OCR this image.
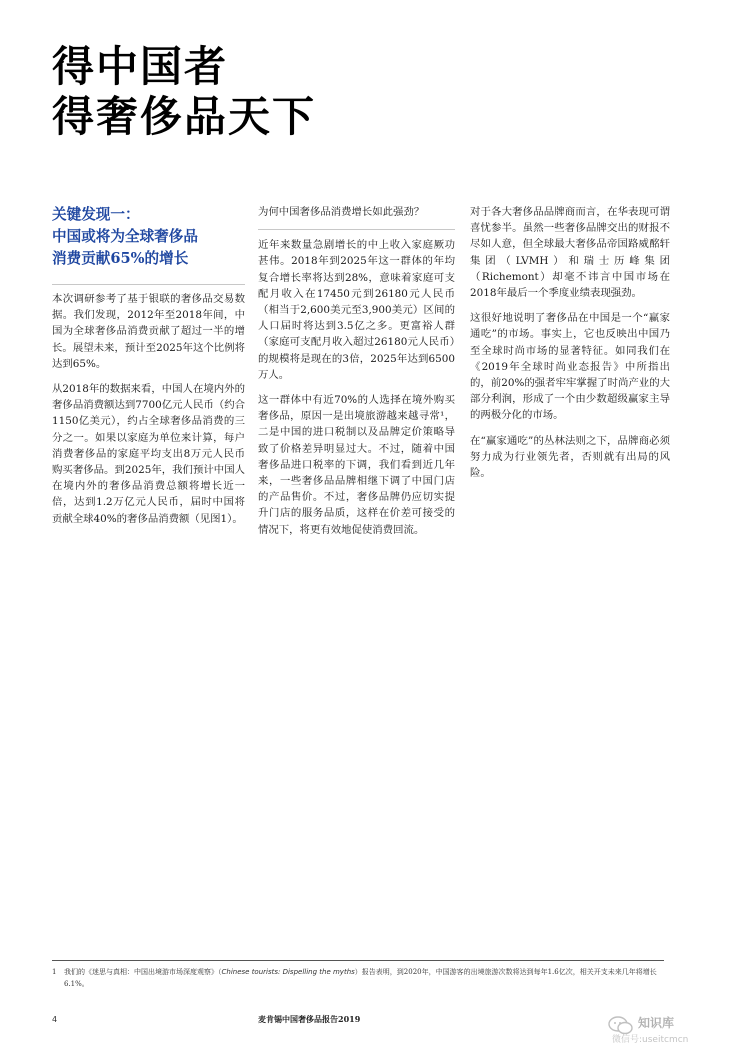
得中国者
得奢侈品天下
关键发现一：
中国或将为全球奢侈品
消费贡献65%的增长

本次调研参考了基于银联的奢侈品交易数据。我们发现，2012年至2018年间，中国为全球奢侈品消费贡献了超过一半的增长。展望未来，预计至2025年这个比例将达到65%。

从2018年的数据来看，中国人在境内外的奢侈品消费额达到7700亿元人民币（约合1150亿美元），约占全球奢侈品消费的三分之一。如果以家庭为单位来计算，每户消费奢侈品的家庭平均支出8万元人民币购买奢侈品。到2025年，我们预计中国人在境内外的奢侈品消费总额将增长近一倍，达到1.2万亿元人民币，届时中国将贡献全球40%的奢侈品消费额（见图1）。

为何中国奢侈品消费增长如此强劲？

近年来数量急剧增长的中上收入家庭厥功甚伟。2018年到2025年这一群体的年均复合增长率将达到28%，意味着家庭可支配月收入在17450元到26180元人民币（相当于2,600美元至3,900美元）区间的人口届时将达到3.5亿之多。更富裕人群（家庭可支配月收入超过26180元人民币）的规模将是现在的3倍，2025年达到6500万人。

这一群体中有近70%的人选择在境外购买奢侈品，原因一是出境旅游越来越寻常¹，二是中国的进口税制以及品牌定价策略导致了价格差异明显过大。不过，随着中国奢侈品进口税率的下调，我们看到近几年来，一些奢侈品品牌相继下调了中国门店的产品售价。不过，奢侈品牌仍应切实提升门店的服务品质，这样在价差可接受的情况下，将更有效地促使消费回流。

对于各大奢侈品品牌商而言，在华表现可谓喜忧参半。虽然一些奢侈品牌交出的财报不尽如人意，但全球最大奢侈品帝国路威酩轩集团（LVMH）和瑞士历峰集团（Richemont）却毫不讳言中国市场在2018年最后一个季度业绩表现强劲。

这很好地说明了奢侈品在中国是一个“赢家通吃”的市场。事实上，它也反映出中国乃至全球时尚市场的显著特征。如同我们在《2019年全球时尚业态报告》中所指出的，前20%的强者牢牢掌握了时尚产业的大部分利润，形成了一个由少数超级赢家主导的两极分化的市场。

在“赢家通吃”的丛林法则之下，品牌商必须努力成为行业领先者，否则就有出局的风险。

1	我们的《迷思与真相：中国出境游市场深度观察》（Chinese tourists: Dispelling the myths）报告表明，到2020年，中国游客的出境旅游次数将达到每年1.6亿次，相关开支未来几年将增长6.1%。
4	麦肯锡中国奢侈品报告2019	知识库
微信号:useitcmcn
